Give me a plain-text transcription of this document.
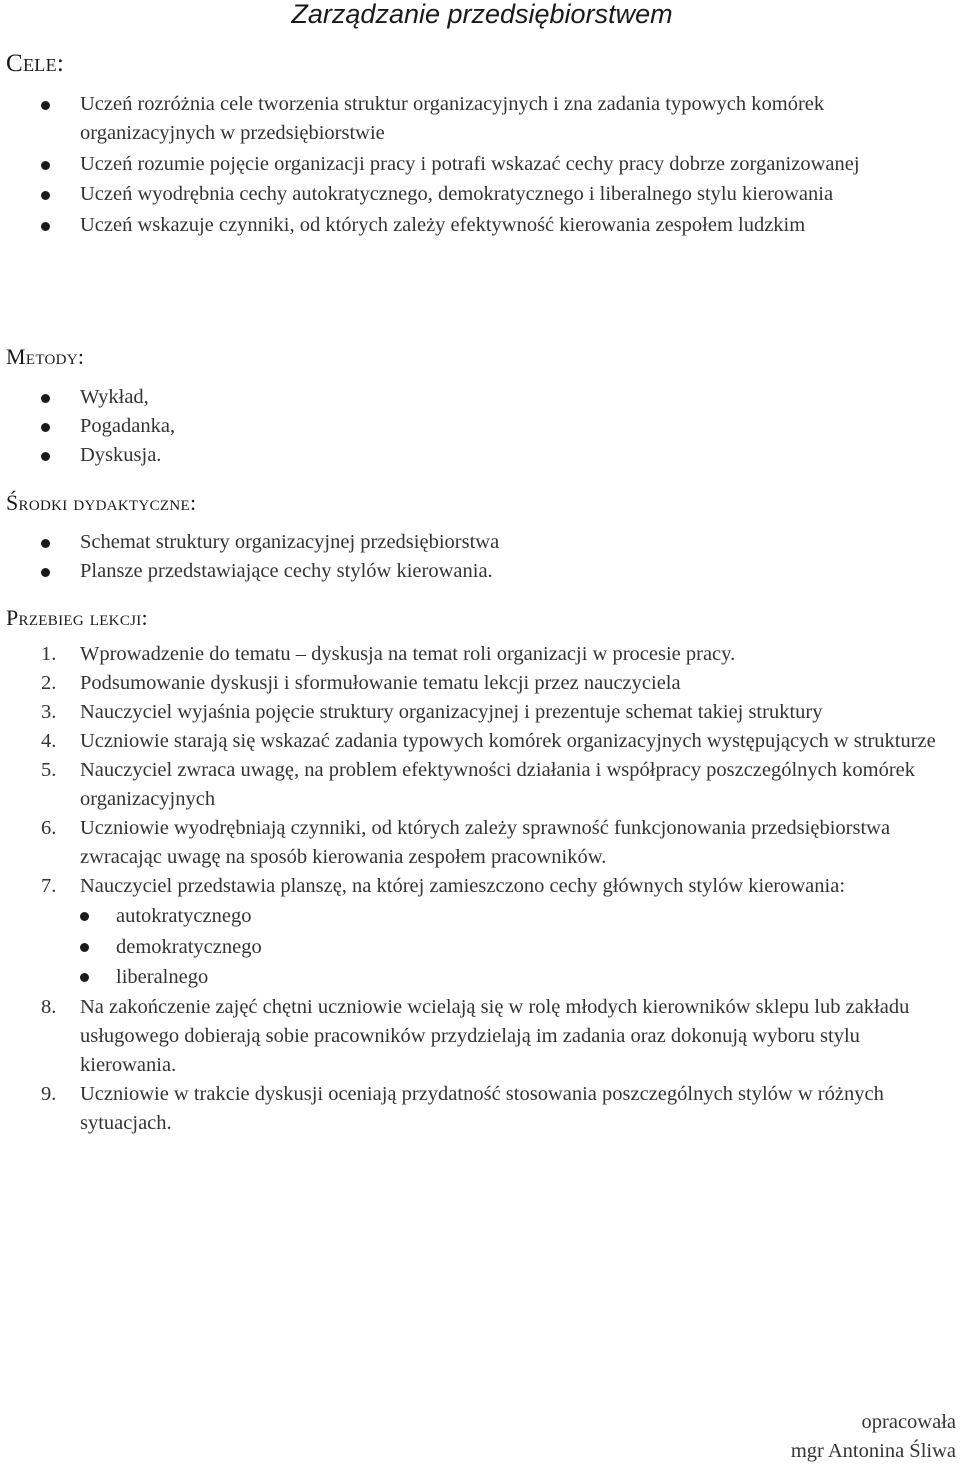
Zarządzanie przedsiębiorstwem
Cele:
Uczeń rozróżnia cele tworzenia struktur organizacyjnych i zna zadania typowych komórek organizacyjnych w przedsiębiorstwie
Uczeń rozumie pojęcie organizacji pracy i potrafi wskazać cechy pracy dobrze zorganizowanej
Uczeń wyodrębnia cechy autokratycznego, demokratycznego i liberalnego stylu kierowania
Uczeń wskazuje czynniki, od których zależy efektywność kierowania zespołem ludzkim
Metody:
Wykład,
Pogadanka,
Dyskusja.
Środki dydaktyczne:
Schemat struktury organizacyjnej przedsiębiorstwa
Plansze przedstawiające cechy stylów kierowania.
Przebieg lekcji:
1. Wprowadzenie do tematu – dyskusja na temat roli organizacji w procesie pracy.
2. Podsumowanie dyskusji i sformułowanie tematu lekcji przez nauczyciela
3. Nauczyciel wyjaśnia pojęcie struktury organizacyjnej i prezentuje schemat takiej struktury
4. Uczniowie starają się wskazać zadania typowych komórek organizacyjnych występujących w strukturze
5. Nauczyciel zwraca uwagę, na problem efektywności działania i współpracy poszczególnych komórek organizacyjnych
6. Uczniowie wyodrębniają czynniki, od których zależy sprawność funkcjonowania przedsiębiorstwa zwracając uwagę na sposób kierowania zespołem pracowników.
7. Nauczyciel przedstawia planszę, na której zamieszczono cechy głównych stylów kierowania:
autokratycznego
demokratycznego
liberalnego
8. Na zakończenie zajęć chętni uczniowie wcielają się w rolę młodych kierowników sklepu lub zakładu usługowego dobierają sobie pracowników przydzielają im zadania oraz dokonują wyboru stylu kierowania.
9. Uczniowie w trakcie dyskusji oceniają przydatność stosowania poszczególnych stylów w różnych sytuacjach.
opracowała
mgr Antonina Śliwa
